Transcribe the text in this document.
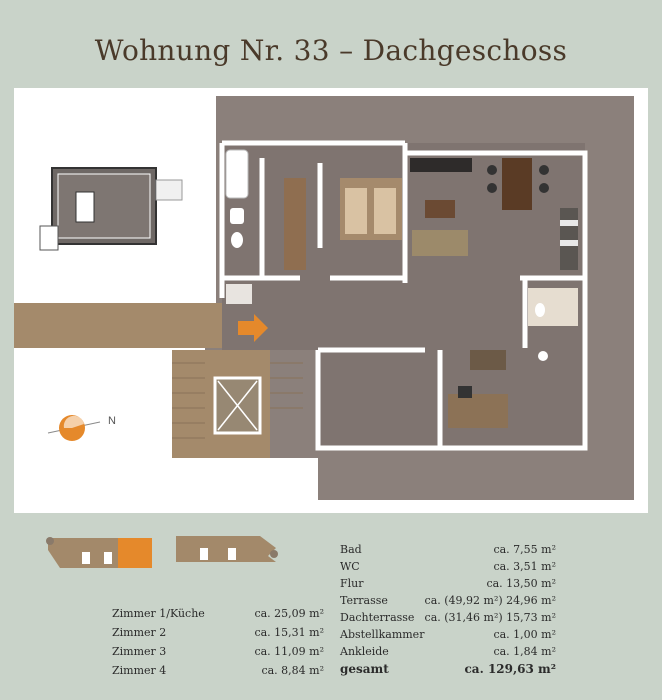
Wohnung Nr. 33 – Dachgeschoss
N
Zimmer 1/Küche	ca. 25,09 m²
Zimmer 2	ca. 15,31 m²
Zimmer 3	ca. 11,09 m²
Zimmer 4	ca. 8,84 m²
Bad	ca. 7,55 m²
WC	ca. 3,51 m²
Flur	ca. 13,50 m²
Terrasse	ca. (49,92 m²) 24,96 m²
Dachterrasse ca. (31,46 m²) 15,73 m²
Abstellkammer	ca. 1,00 m²
Ankleide	ca. 1,84 m²
gesamt	ca. 129,63 m²
